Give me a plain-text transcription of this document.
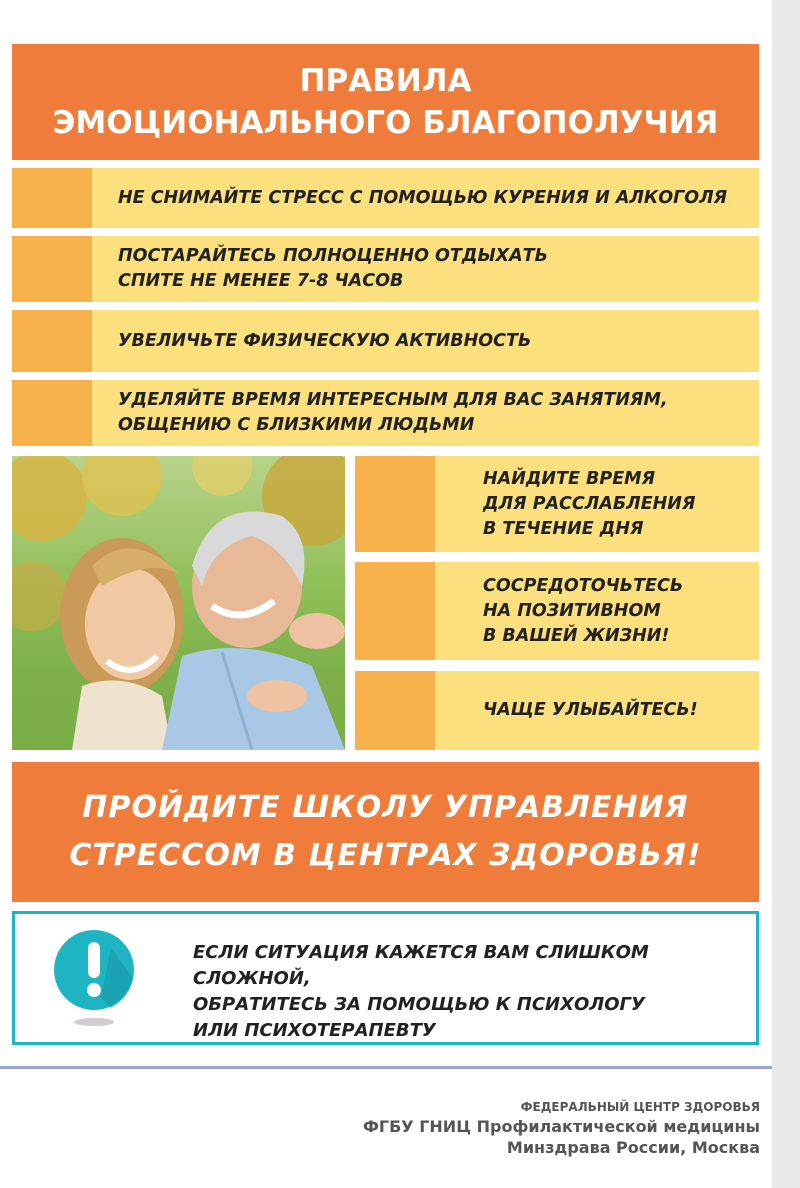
ПРАВИЛА
ЭМОЦИОНАЛЬНОГО БЛАГОПОЛУЧИЯ
НЕ СНИМАЙТЕ СТРЕСС С ПОМОЩЬЮ КУРЕНИЯ И АЛКОГОЛЯ
ПОСТАРАЙТЕСЬ ПОЛНОЦЕННО ОТДЫХАТЬ
СПИТЕ НЕ МЕНЕЕ 7-8 ЧАСОВ
УВЕЛИЧЬТЕ ФИЗИЧЕСКУЮ АКТИВНОСТЬ
УДЕЛЯЙТЕ ВРЕМЯ ИНТЕРЕСНЫМ ДЛЯ ВАС ЗАНЯТИЯМ,
ОБЩЕНИЮ С БЛИЗКИМИ ЛЮДЬМИ
НАЙДИТЕ ВРЕМЯ
ДЛЯ РАССЛАБЛЕНИЯ
В ТЕЧЕНИЕ ДНЯ
СОСРЕДОТОЧЬТЕСЬ
НА ПОЗИТИВНОМ
В ВАШЕЙ ЖИЗНИ!
ЧАЩЕ УЛЫБАЙТЕСЬ!
ПРОЙДИТЕ ШКОЛУ УПРАВЛЕНИЯ
СТРЕССОМ В ЦЕНТРАХ ЗДОРОВЬЯ!
ЕСЛИ СИТУАЦИЯ КАЖЕТСЯ ВАМ СЛИШКОМ СЛОЖНОЙ,
ОБРАТИТЕСЬ ЗА ПОМОЩЬЮ К ПСИХОЛОГУ
ИЛИ ПСИХОТЕРАПЕВТУ
ФЕДЕРАЛЬНЫЙ ЦЕНТР ЗДОРОВЬЯ
ФГБУ ГНИЦ Профилактической медицины
Минздрава России, Москва
